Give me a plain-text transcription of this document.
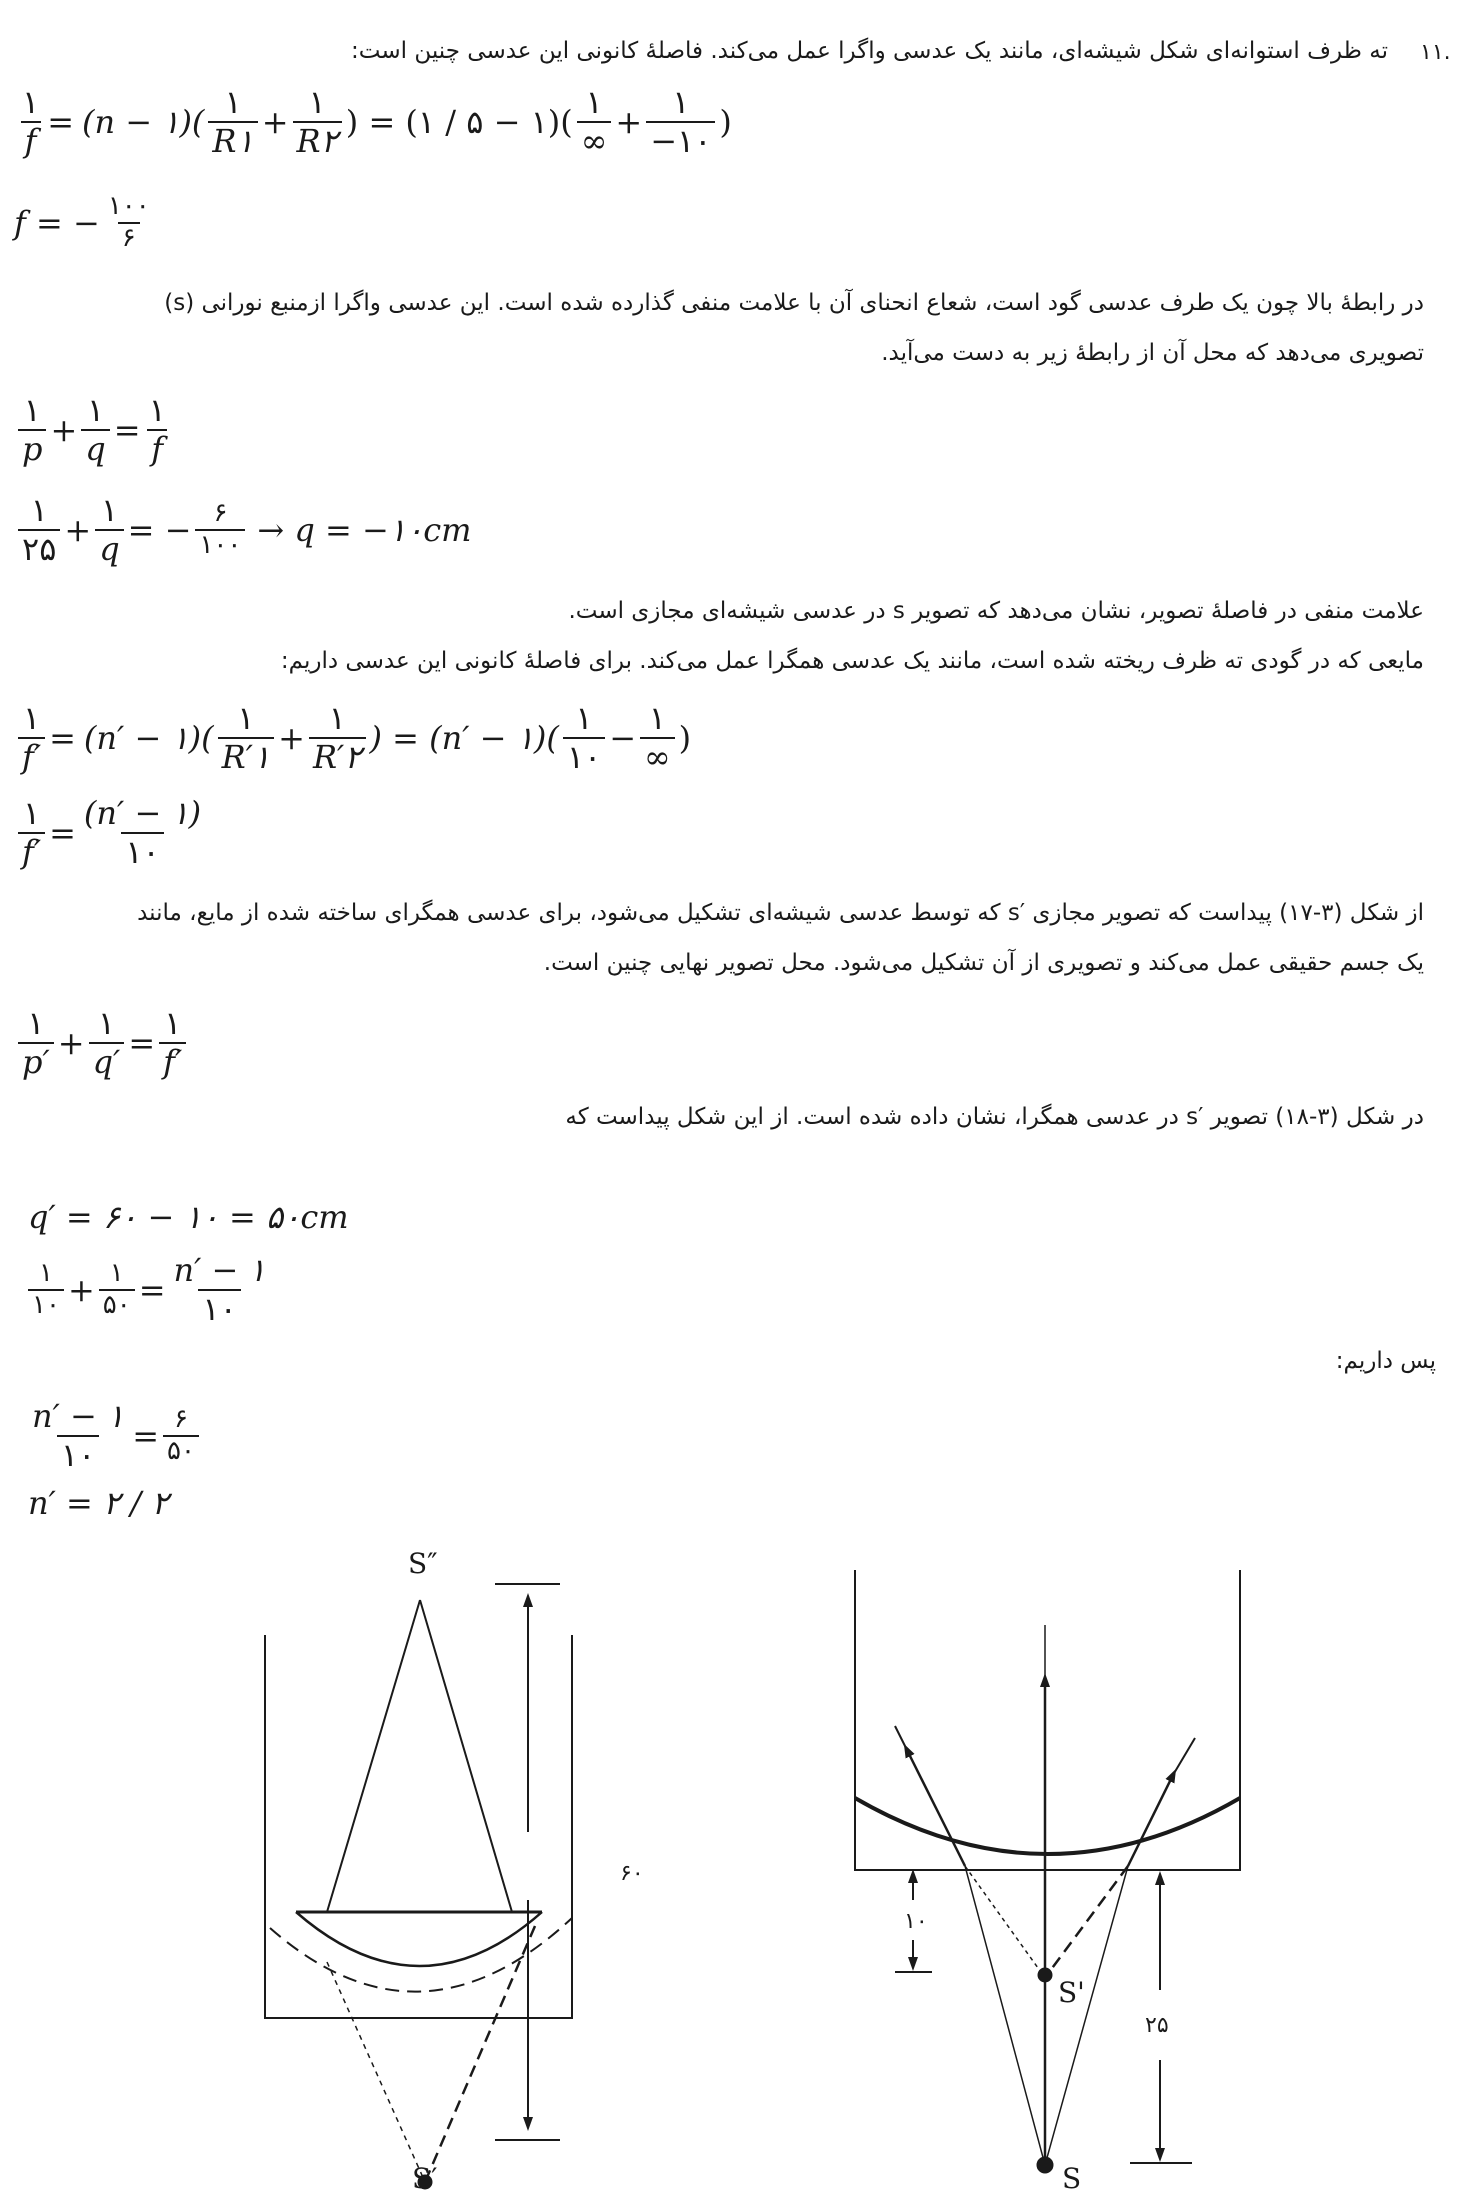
۱۱.
ته ظرف استوانه‌ای شکل شیشه‌ای، مانند یک عدسی واگرا عمل می‌کند. فاصلهٔ کانونی این عدسی چنین است:
$\frac{۱}{f} = (n$ − ۱)( $\frac{۱}{R۱} + \frac{۱}{R۲}$ ) = (۱ / ۵ − ۱)( $\frac{۱}{\infty} + \frac{۱}{-۱۰}$ )
f = − $\frac{۱۰۰}{۶}$
در رابطهٔ بالا چون یک طرف عدسی گود است، شعاع انحنای آن با علامت منفی گذارده شده است. این عدسی واگرا ازمنبع نورانی (s)
تصویری می‌دهد که محل آن از رابطهٔ زیر به دست می‌آید.
$\frac{۱}{p} + \frac{۱}{q} = \frac{۱}{f}$
$\frac{۱}{۲۵} + \frac{۱}{q}$ = − $\frac{۶}{۱۰۰} \to q$ = −۱۰cm
علامت منفی در فاصلهٔ تصویر، نشان می‌دهد که تصویر s در عدسی شیشه‌ای مجازی است.
مایعی که در گودی ته ظرف ریخته شده است، مانند یک عدسی همگرا عمل می‌کند. برای فاصلهٔ کانونی این عدسی داریم:
$\frac{۱}{f'} = (n'$ − ۱)( $\frac{۱}{R'۱} + \frac{۱}{R'۲}$ ) = (n′ − ۱)( $\frac{۱}{۱۰} - \frac{۱}{\infty}$ )
$\frac{۱}{f'} = \frac{(n' - ۱)}{۱۰}$
از شکل (۳-۱۷) پیداست که تصویر مجازی ′s که توسط عدسی شیشه‌ای تشکیل می‌شود، برای عدسی همگرای ساخته شده از مایع، مانند
یک جسم حقیقی عمل می‌کند و تصویری از آن تشکیل می‌شود. محل تصویر نهایی چنین است.
$\frac{۱}{p'} + \frac{۱}{q'} = \frac{۱}{f'}$
در شکل (۳-۱۸) تصویر ′s در عدسی همگرا، نشان داده شده است. از این شکل پیداست که
q′ = ۶۰ − ۱۰ = ۵۰cm
$\frac{۱}{۱۰} + \frac{۱}{۵۰} = \frac{n' - ۱}{۱۰}$
پس داریم:
$\frac{n' - ۱}{۱۰} = \frac{۶}{۵۰}$
n′ = ۲ / ۲
S″
S′
۶۰
S'
S
۱۰
۲۵
